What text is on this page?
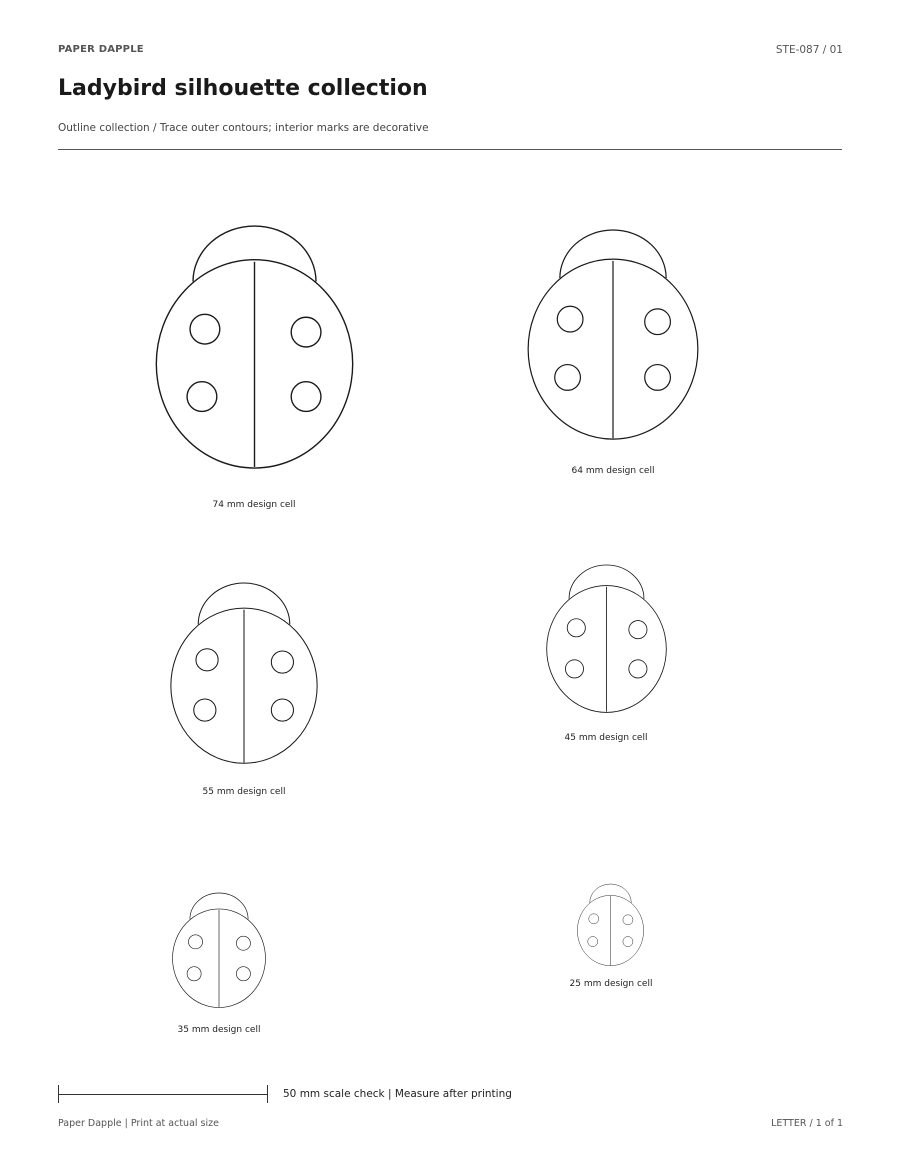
PAPER DAPPLE	STE-087 / 01
Ladybird silhouette collection
Outline collection / Trace outer contours; interior marks are decorative
74 mm design cell
64 mm design cell
55 mm design cell
45 mm design cell
35 mm design cell
25 mm design cell
50 mm scale check | Measure after printing
Paper Dapple | Print at actual size	LETTER / 1 of 1
